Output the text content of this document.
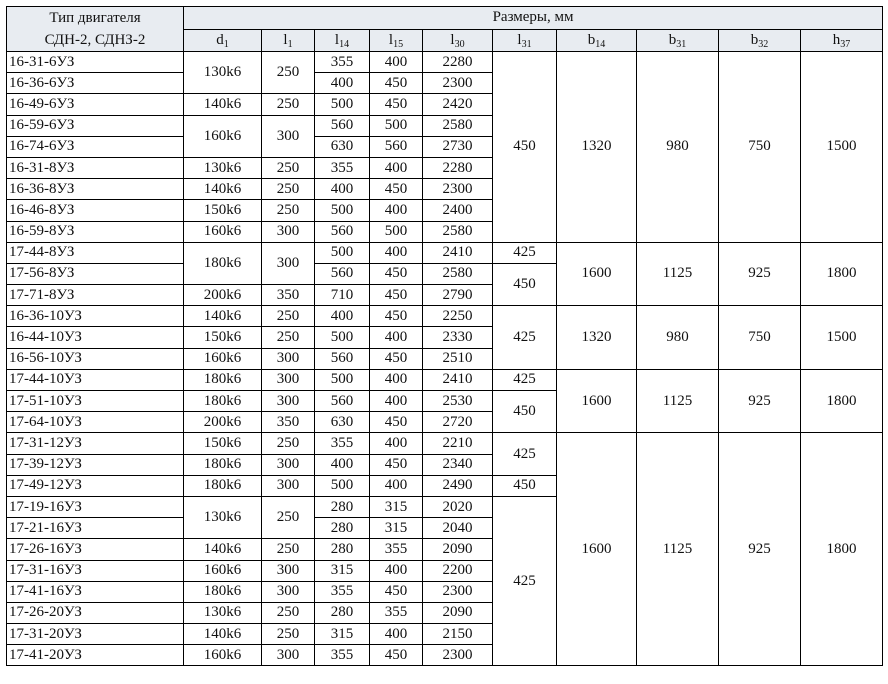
Тип двигателя
СДН-2, СДНЗ-2	Размеры, мм									
	$d_1$	$l_1$	$l_{14}$	$l_{15}$	$l_{30}$	$l_{31}$	$b_{14}$	$b_{31}$	$b_{32}$	$h_{37}$
16-31-6УЗ	130k6	250	355	400	2280	450	1320	980	750	1500
16-36-6УЗ			400	450	2300					
16-49-6УЗ	140k6	250	500	450	2420					
16-59-6УЗ	160k6	300	560	500	2580					
16-74-6УЗ			630	560	2730					
16-31-8УЗ	130k6	250	355	400	2280					
16-36-8УЗ	140k6	250	400	450	2300					
16-46-8УЗ	150k6	250	500	400	2400					
16-59-8УЗ	160k6	300	560	500	2580					
17-44-8УЗ	180k6	300	500	400	2410	425	1600	1125	925	1800
17-56-8УЗ			560	450	2580	450				
17-71-8УЗ	200k6	350	710	450	2790					
16-36-10УЗ	140k6	250	400	450	2250	425	1320	980	750	1500
16-44-10УЗ	150k6	250	500	400	2330					
16-56-10УЗ	160k6	300	560	450	2510					
17-44-10УЗ	180k6	300	500	400	2410	425	1600	1125	925	1800
17-51-10УЗ	180k6	300	560	400	2530	450				
17-64-10УЗ	200k6	350	630	450	2720					
17-31-12УЗ	150k6	250	355	400	2210	425	1600	1125	925	1800
17-39-12УЗ	180k6	300	400	450	2340					
17-49-12УЗ	180k6	300	500	400	2490	450				
17-19-16УЗ	130k6	250	280	315	2020	425				
17-21-16УЗ			280	315	2040					
17-26-16УЗ	140k6	250	280	355	2090					
17-31-16УЗ	160k6	300	315	400	2200					
17-41-16УЗ	180k6	300	355	450	2300					
17-26-20УЗ	130k6	250	280	355	2090					
17-31-20УЗ	140k6	250	315	400	2150					
17-41-20УЗ	160k6	300	355	450	2300					
